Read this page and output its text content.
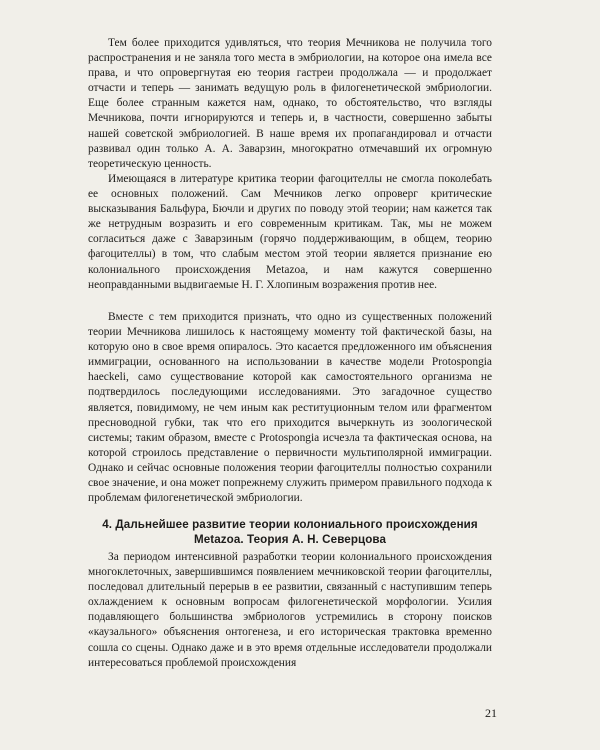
Тем более приходится удивляться, что теория Мечникова не получила того распространения и не заняла того места в эмбриологии, на которое она имела все права, и что опровергнутая ею теория гастреи продолжала — и продолжает отчасти и теперь — занимать ведущую роль в филогенетической эмбриологии. Еще более странным кажется нам, однако, то обстоятельство, что взгляды Мечникова, почти игнорируются и теперь и, в частности, совершенно забыты нашей советской эмбриологией. В наше время их пропагандировал и отчасти развивал один только А. А. Заварзин, многократно отмечавший их огромную теоретическую ценность.

Имеющаяся в литературе критика теории фагоцителлы не смогла поколебать ее основных положений. Сам Мечников легко опроверг критические высказывания Бальфура, Бючли и других по поводу этой теории; нам кажется так же нетрудным возразить и его современным критикам. Так, мы не можем согласиться даже с Заварзиным (горячо поддерживающим, в общем, теорию фагоцителлы) в том, что слабым местом этой теории является признание ею колониального происхождения Metazoa, и нам кажутся совершенно неоправданными выдвигаемые Н. Г. Хлопиным возражения против нее.

Вместе с тем приходится признать, что одно из существенных положений теории Мечникова лишилось к настоящему моменту той фактической базы, на которую оно в свое время опиралось. Это касается предложенного им объяснения иммиграции, основанного на использовании в качестве модели Protospongia haeckeli, само существование которой как самостоятельного организма не подтвердилось последующими исследованиями. Это загадочное существо является, повидимому, не чем иным как реституционным телом или фрагментом пресноводной губки, так что его приходится вычеркнуть из зоологической системы; таким образом, вместе с Protospongia исчезла та фактическая основа, на которой строилось представление о первичности мультиполярной иммиграции. Однако и сейчас основные положения теории фагоцителлы полностью сохранили свое значение, и она может попрежнему служить примером правильного подхода к проблемам филогенетической эмбриологии.

4. Дальнейшее развитие теории колониального происхождения Metazoa. Теория А. Н. Северцова

За периодом интенсивной разработки теории колониального происхождения многоклеточных, завершившимся появлением мечниковской теории фагоцителлы, последовал длительный перерыв в ее развитии, связанный с наступившим теперь охлаждением к основным вопросам филогенетической морфологии. Усилия подавляющего большинства эмбриологов устремились в сторону поисков «каузального» объяснения онтогенеза, и его историческая трактовка временно сошла со сцены. Однако даже и в это время отдельные исследователи продолжали интересоваться проблемой происхождения

21
